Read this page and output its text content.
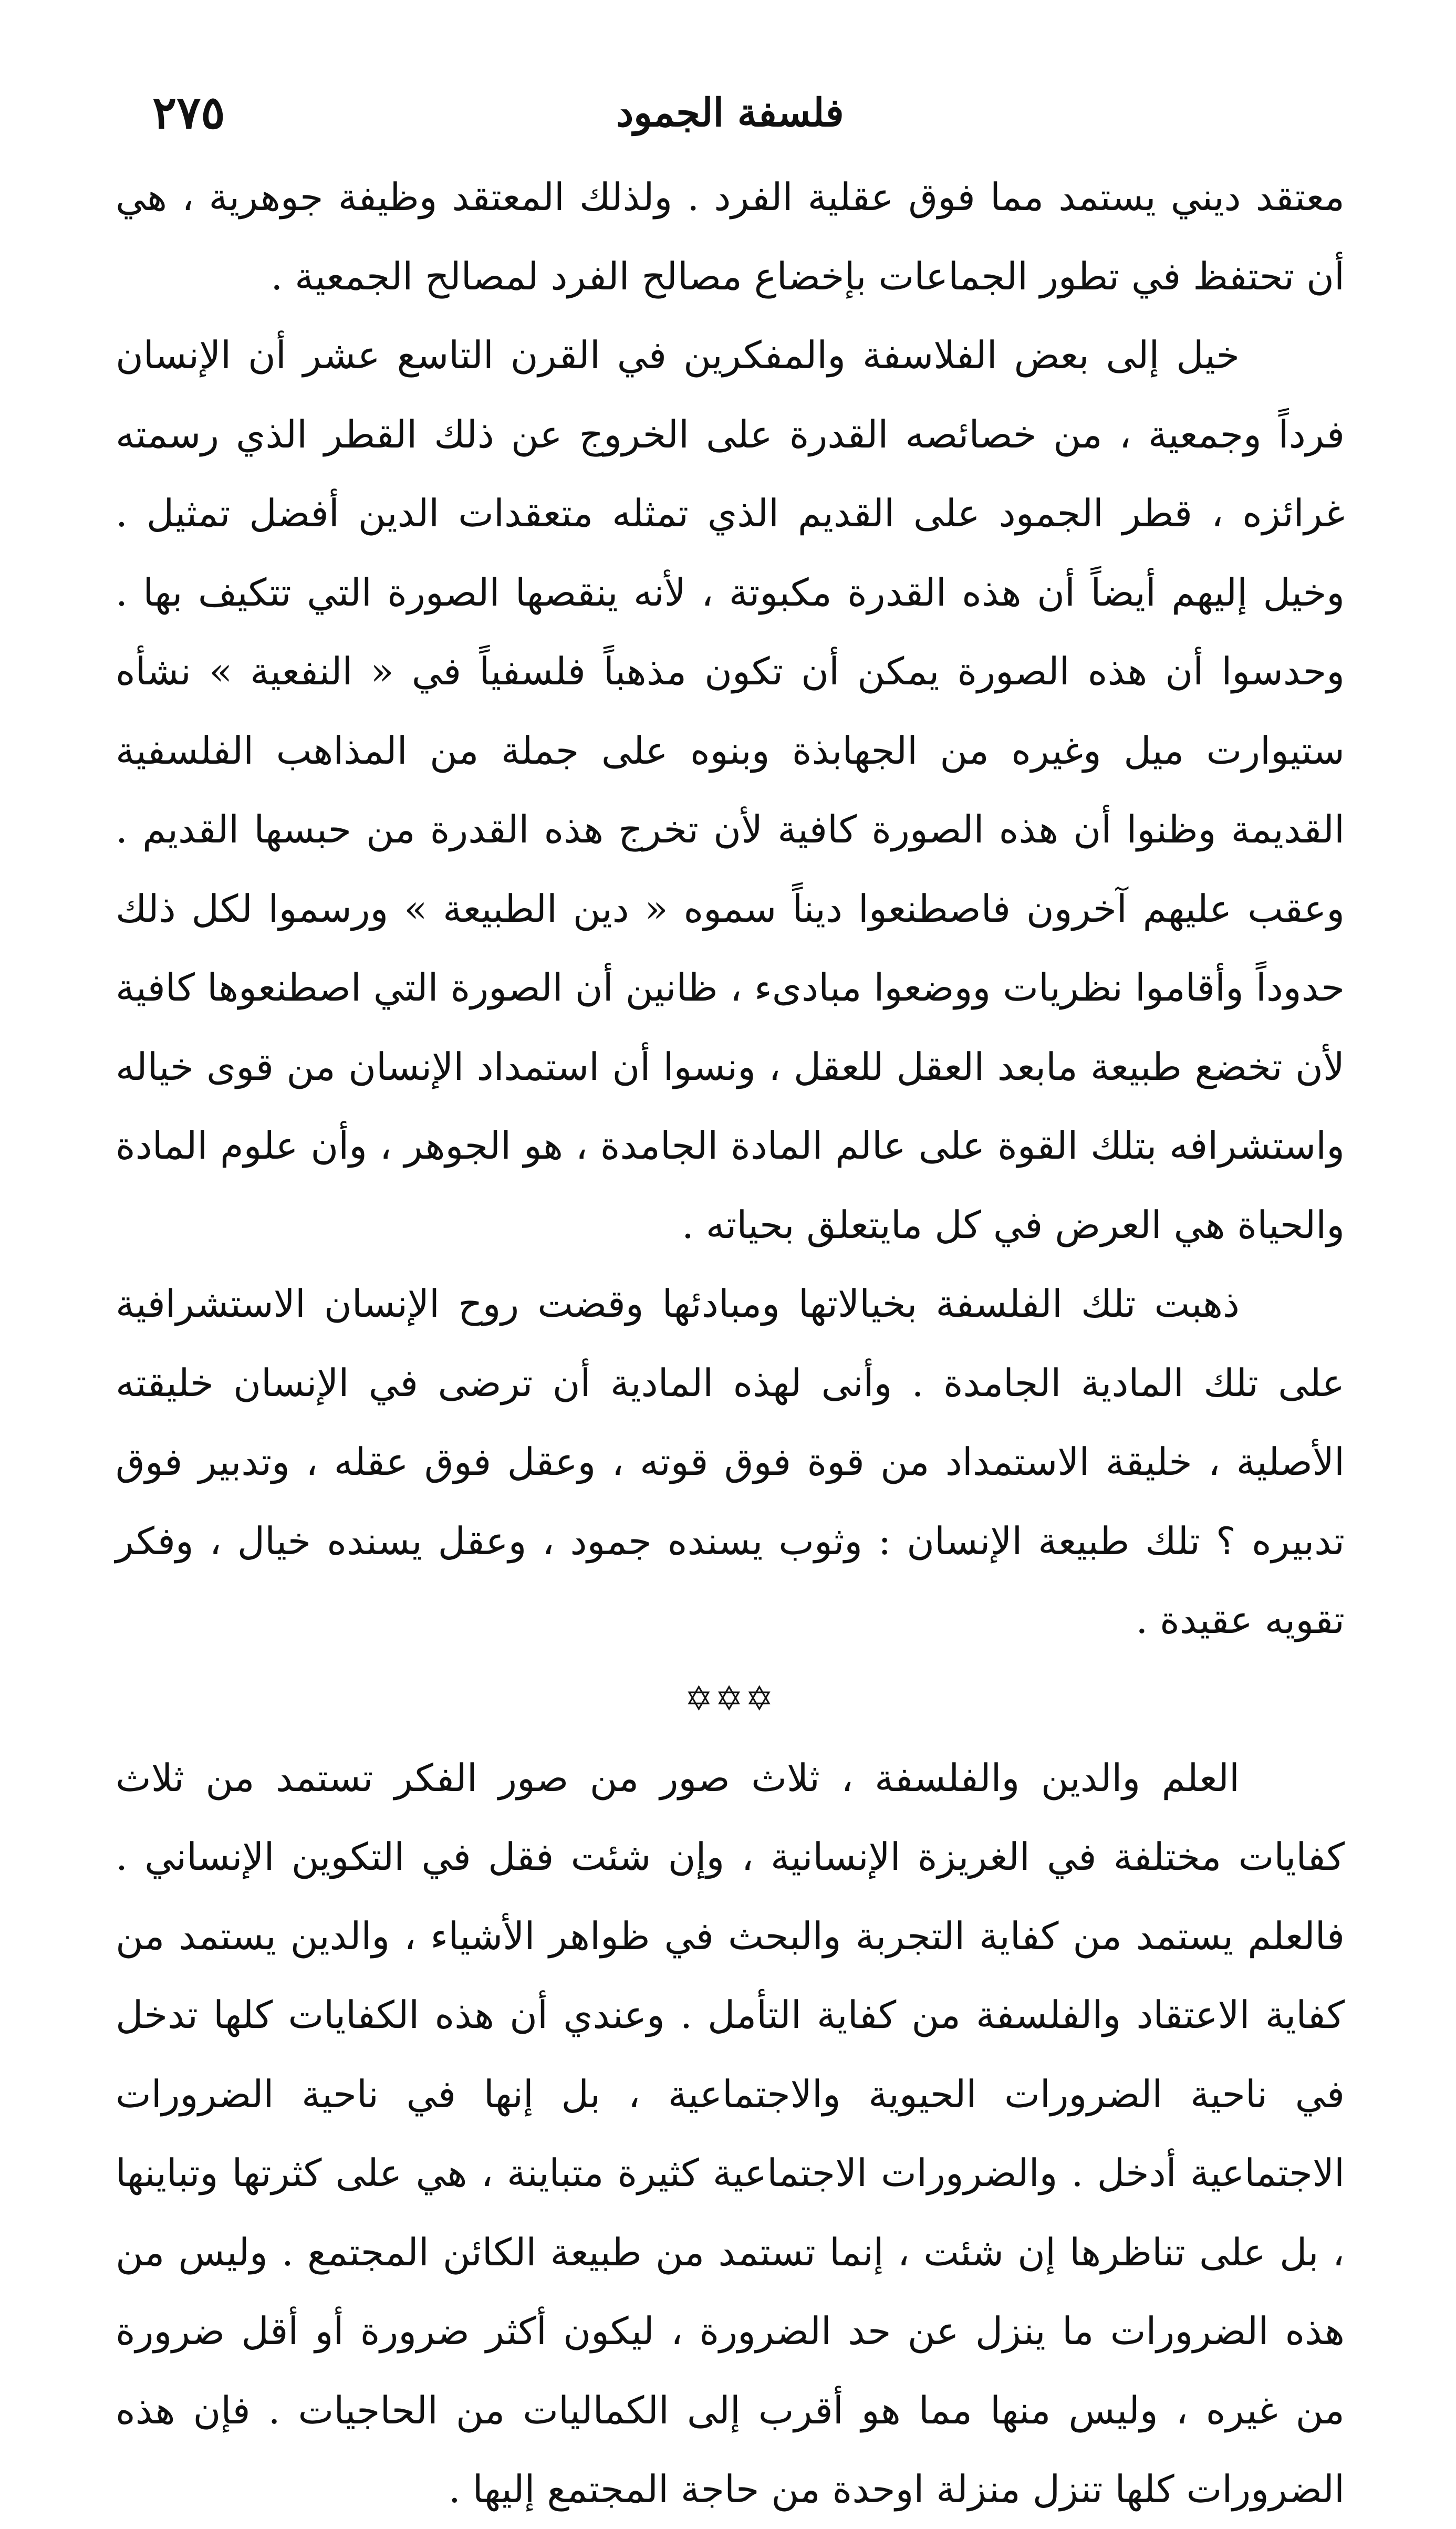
فلسفة الجمود
٢٧٥

معتقد ديني يستمد مما فوق عقلية الفرد . ولذلك المعتقد وظيفة جوهرية ، هي أن تحتفظ في تطور الجماعات بإخضاع مصالح الفرد لمصالح الجمعية .

خيل إلى بعض الفلاسفة والمفكرين في القرن التاسع عشر أن الإنسان فرداً وجمعية ، من خصائصه القدرة على الخروج عن ذلك القطر الذي رسمته غرائزه ، قطر الجمود على القديم الذي تمثله متعقدات الدين أفضل تمثيل . وخيل إليهم أيضاً أن هذه القدرة مكبوتة ، لأنه ينقصها الصورة التي تتكيف بها . وحدسوا أن هذه الصورة يمكن أن تكون مذهباً فلسفياً في « النفعية » نشأه ستيوارت ميل وغيره من الجهابذة وبنوه على جملة من المذاهب الفلسفية القديمة وظنوا أن هذه الصورة كافية لأن تخرج هذه القدرة من حبسها القديم . وعقب عليهم آخرون فاصطنعوا ديناً سموه « دين الطبيعة » ورسموا لكل ذلك حدوداً وأقاموا نظريات ووضعوا مبادىء ، ظانين أن الصورة التي اصطنعوها كافية لأن تخضع طبيعة مابعد العقل للعقل ، ونسوا أن استمداد الإنسان من قوى خياله واستشرافه بتلك القوة على عالم المادة الجامدة ، هو الجوهر ، وأن علوم المادة والحياة هي العرض في كل مايتعلق بحياته .

ذهبت تلك الفلسفة بخيالاتها ومبادئها وقضت روح الإنسان الاستشرافية على تلك المادية الجامدة . وأنى لهذه المادية أن ترضى في الإنسان خليقته الأصلية ، خليقة الاستمداد من قوة فوق قوته ، وعقل فوق عقله ، وتدبير فوق تدبيره ؟ تلك طبيعة الإنسان : وثوب يسنده جمود ، وعقل يسنده خيال ، وفكر تقويه عقيدة .

✡✡✡

العلم والدين والفلسفة ، ثلاث صور من صور الفكر تستمد من ثلاث كفايات مختلفة في الغريزة الإنسانية ، وإن شئت فقل في التكوين الإنساني . فالعلم يستمد من كفاية التجربة والبحث في ظواهر الأشياء ، والدين يستمد من كفاية الاعتقاد والفلسفة من كفاية التأمل . وعندي أن هذه الكفايات كلها تدخل في ناحية الضرورات الحيوية والاجتماعية ، بل إنها في ناحية الضرورات الاجتماعية أدخل . والضرورات الاجتماعية كثيرة متباينة ، هي على كثرتها وتباينها ، بل على تناظرها إن شئت ، إنما تستمد من طبيعة الكائن المجتمع . وليس من هذه الضرورات ما ينزل عن حد الضرورة ، ليكون أكثر ضرورة أو أقل ضرورة من غيره ، وليس منها مما هو أقرب إلى الكماليات من الحاجيات . فإن هذه الضرورات كلها تنزل منزلة اوحدة من حاجة المجتمع إليها .
